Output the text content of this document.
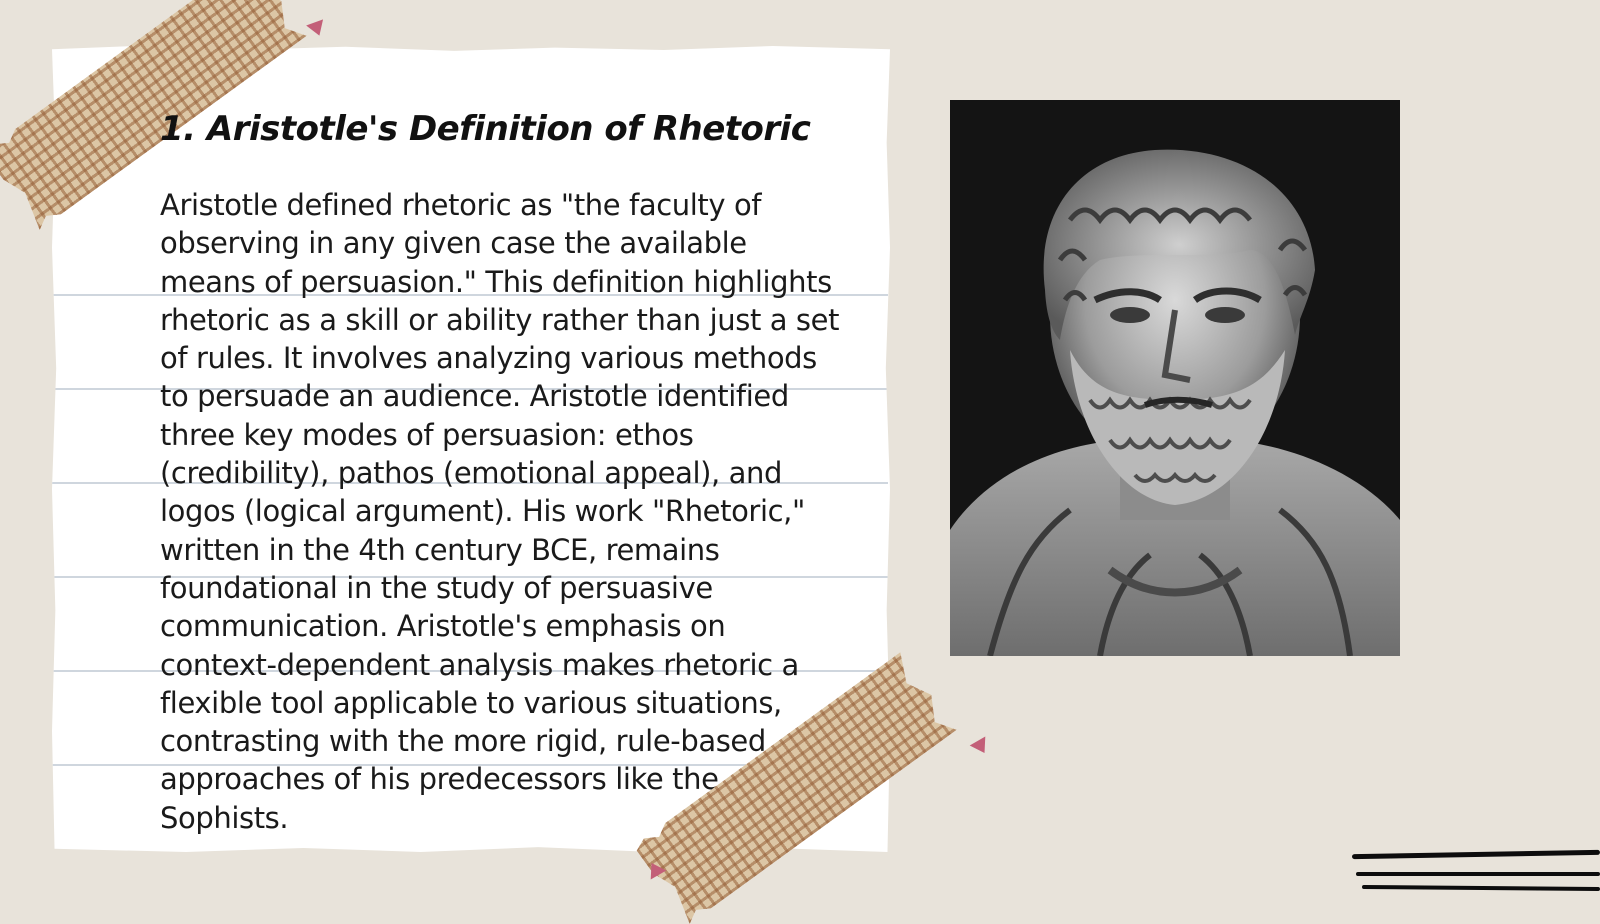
1. Aristotle's Definition of Rhetoric

Aristotle defined rhetoric as "the faculty of observing in any given case the available means of persuasion." This definition highlights rhetoric as a skill or ability rather than just a set of rules. It involves analyzing various methods to persuade an audience. Aristotle identified three key modes of persuasion: ethos (credibility), pathos (emotional appeal), and logos (logical argument). His work "Rhetoric," written in the 4th century BCE, remains foundational in the study of persuasive communication. Aristotle's emphasis on context-dependent analysis makes rhetoric a flexible tool applicable to various situations, contrasting with the more rigid, rule-based approaches of his predecessors like the Sophists.
